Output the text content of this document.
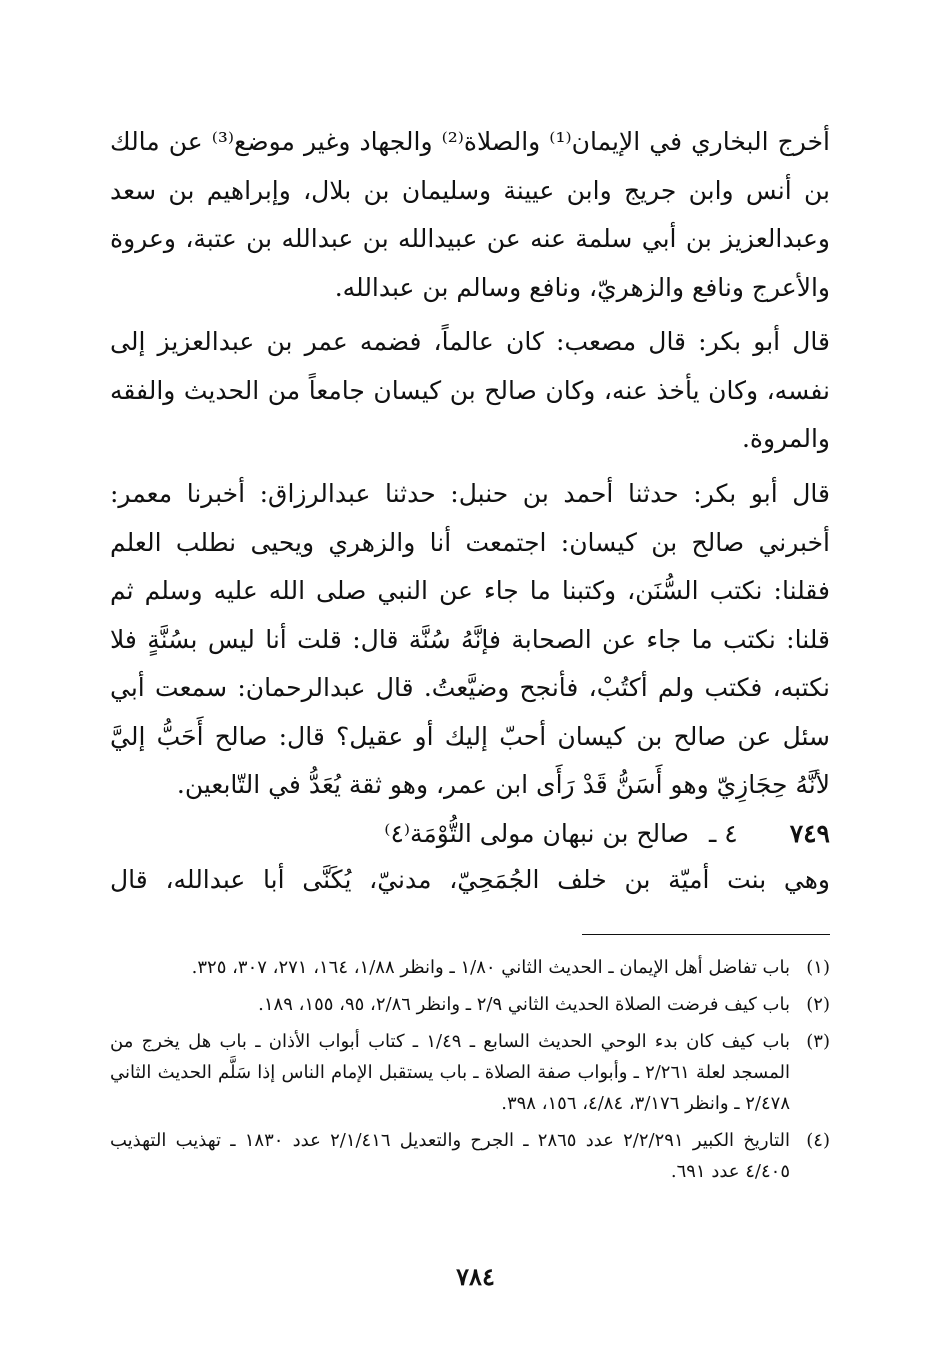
أخرج البخاري في الإيمان⁽¹⁾ والصلاة⁽²⁾ والجهاد وغير موضع⁽³⁾ عن مالك بن أنس وابن جريج وابن عيينة وسليمان بن بلال، وإبراهيم بن سعد وعبدالعزيز بن أبي سلمة عنه عن عبيدالله بن عبدالله بن عتبة، وعروة والأعرج ونافع والزهريّ، ونافع وسالم بن عبدالله.

قال أبو بكر: قال مصعب: كان عالماً، فضمه عمر بن عبدالعزيز إلى نفسه، وكان يأخذ عنه، وكان صالح بن كيسان جامعاً من الحديث والفقه والمروة.

قال أبو بكر: حدثنا أحمد بن حنبل: حدثنا عبدالرزاق: أخبرنا معمر: أخبرني صالح بن كيسان: اجتمعت أنا والزهري ويحيى نطلب العلم فقلنا: نكتب السُّنَن، وكتبنا ما جاء عن النبي صلى الله عليه وسلم ثم قلنا: نكتب ما جاء عن الصحابة فإنَّهُ سُنَّة قال: قلت أنا ليس بسُنَّةٍ فلا نكتبه، فكتب ولم أكتُبْ، فأنجح وضيَّعتُ. قال عبدالرحمان: سمعت أبي سئل عن صالح بن كيسان أحبّ إليك أو عقيل؟ قال: صالح أَحَبُّ إليَّ لأنَّهُ حِجَازِيّ وهو أَسَنُّ قَدْ رَأَى ابن عمر، وهو ثقة يُعَدُّ في التّابعين.

٧٤٩٤ ـصالح بن نبهان مولى التُّوْمَة⁽٤⁾
وهي بنت أميّة بن خلف الجُمَحِيّ، مدنيّ، يُكَنَّى أبا عبدالله، قال
(١)
باب تفاضل أهل الإيمان ـ الحديث الثاني ١/٨٠ ـ وانظر ١/٨٨، ١٦٤، ٢٧١، ٣٠٧، ٣٢٥.
(٢)
باب كيف فرضت الصلاة الحديث الثاني ٢/٩ ـ وانظر ٢/٨٦، ٩٥، ١٥٥، ١٨٩.
(٣)
باب كيف كان بدء الوحي الحديث السابع ـ ١/٤٩ ـ كتاب أبواب الأذان ـ باب هل يخرج من المسجد لعلة ٢/٢٦١ ـ وأبواب صفة الصلاة ـ باب يستقبل الإمام الناس إذا سَلَّم الحديث الثاني ٢/٤٧٨ ـ وانظر ٣/١٧٦، ٤/٨٤، ١٥٦، ٣٩٨.
(٤)
التاريخ الكبير ٢/٢/٢٩١ عدد ٢٨٦٥ ـ الجرح والتعديل ٢/١/٤١٦ عدد ١٨٣٠ ـ تهذيب التهذيب ٤/٤٠٥ عدد ٦٩١.
٧٨٤
